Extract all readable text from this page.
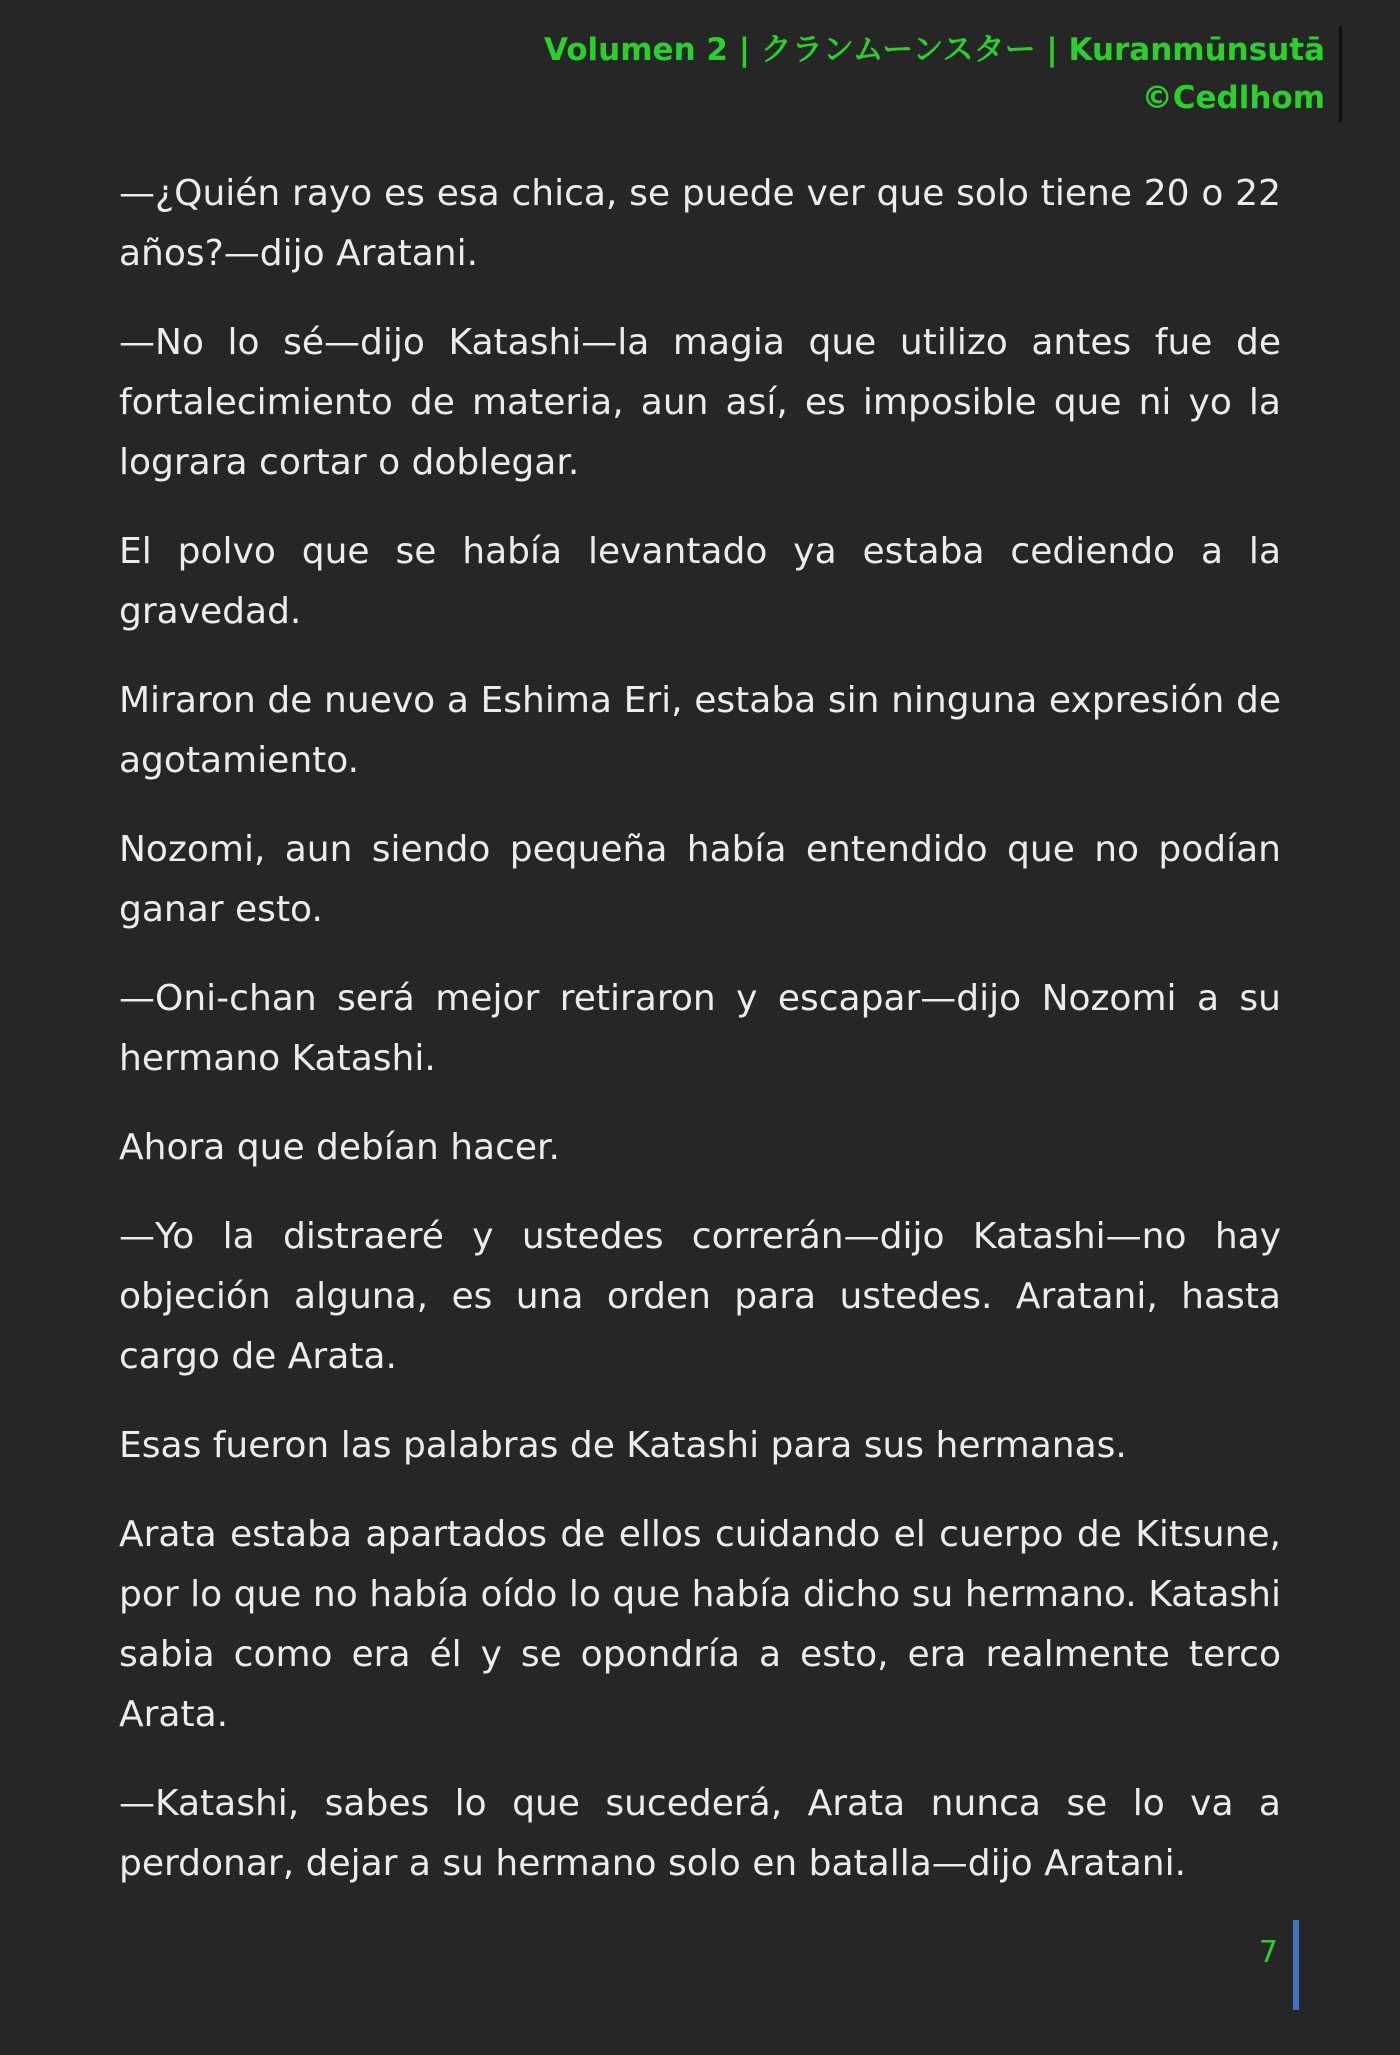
Volumen 2 | クランムーンスター | Kuranmūnsutā
©Cedlhom

—¿Quién rayo es esa chica, se puede ver que solo tiene 20 o 22 años?—dijo Aratani.

—No lo sé—dijo Katashi—la magia que utilizo antes fue de fortalecimiento de materia, aun así, es imposible que ni yo la lograra cortar o doblegar.

El polvo que se había levantado ya estaba cediendo a la gravedad.

Miraron de nuevo a Eshima Eri, estaba sin ninguna expresión de agotamiento.

Nozomi, aun siendo pequeña había entendido que no podían ganar esto.

—Oni-chan será mejor retiraron y escapar—dijo Nozomi a su hermano Katashi.

Ahora que debían hacer.

—Yo la distraeré y ustedes correrán—dijo Katashi—no hay objeción alguna, es una orden para ustedes. Aratani, hasta cargo de Arata.

Esas fueron las palabras de Katashi para sus hermanas.

Arata estaba apartados de ellos cuidando el cuerpo de Kitsune, por lo que no había oído lo que había dicho su hermano. Katashi sabia como era él y se opondría a esto, era realmente terco Arata.

—Katashi, sabes lo que sucederá, Arata nunca se lo va a perdonar, dejar a su hermano solo en batalla—dijo Aratani.

7
